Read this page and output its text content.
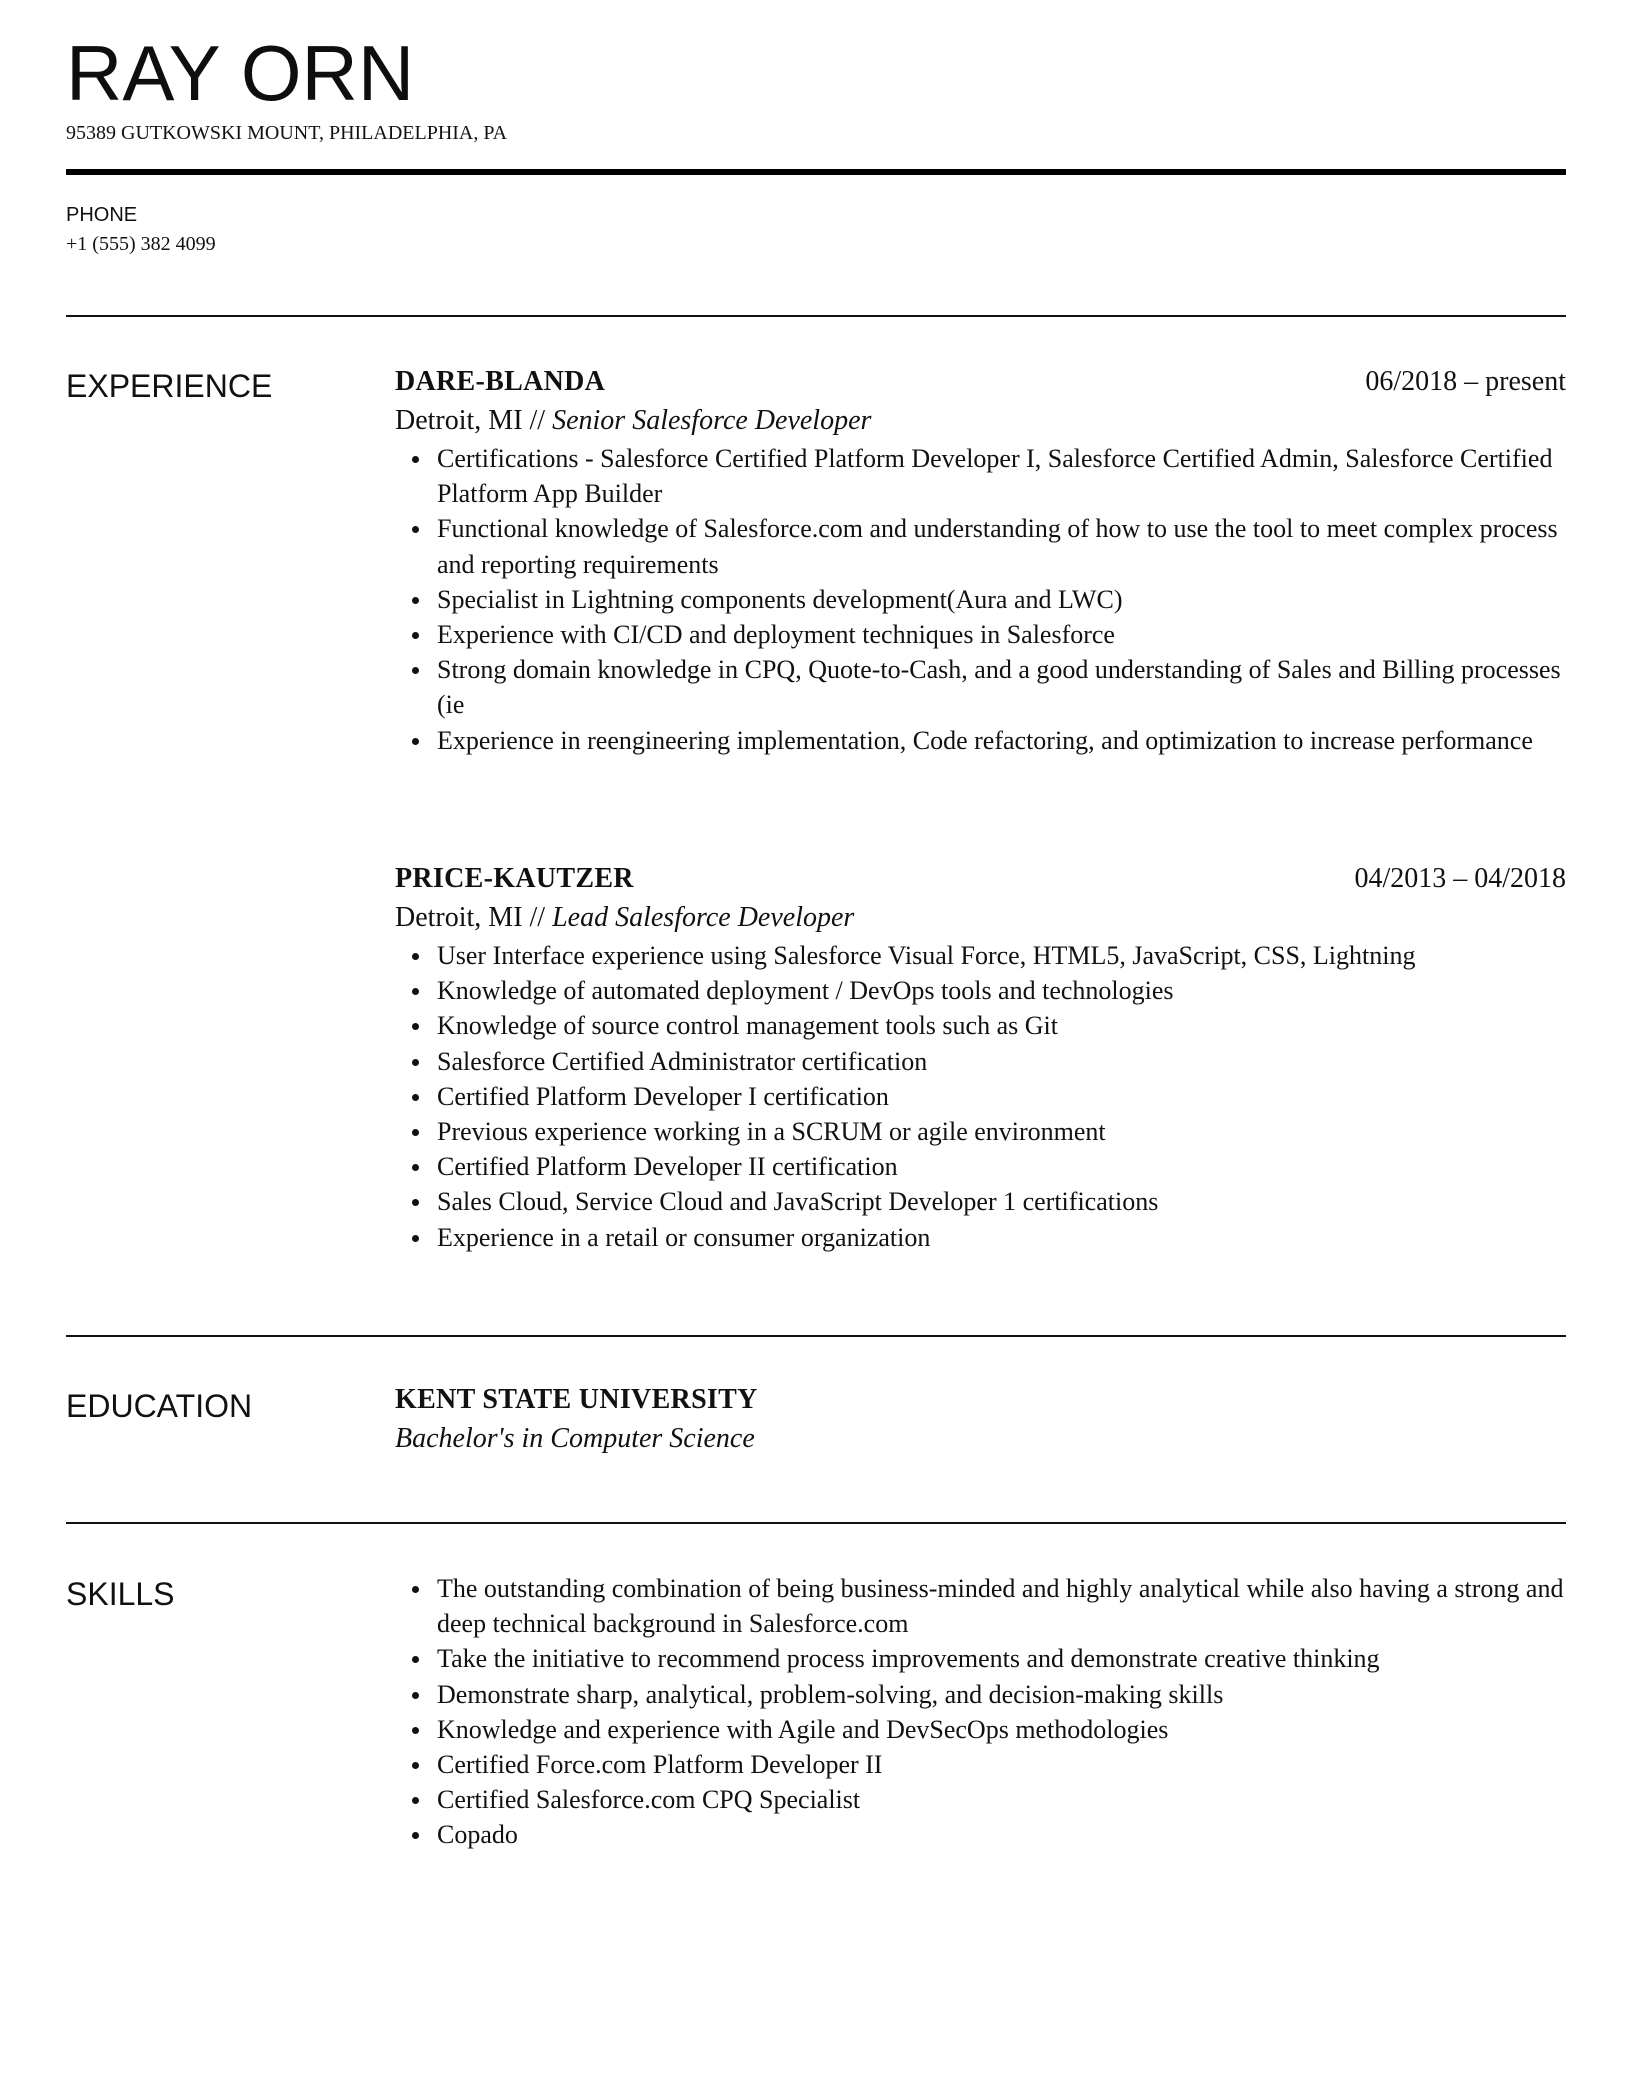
RAY ORN
95389 GUTKOWSKI MOUNT, PHILADELPHIA, PA
PHONE
+1 (555) 382 4099
EXPERIENCE	DARE-BLANDA	06/2018 – present
Detroit, MI // Senior Salesforce Developer
Certifications - Salesforce Certified Platform Developer I, Salesforce Certified Admin, Salesforce Certified Platform App Builder
Functional knowledge of Salesforce.com and understanding of how to use the tool to meet complex process and reporting requirements
Specialist in Lightning components development(Aura and LWC)
Experience with CI/CD and deployment techniques in Salesforce
Strong domain knowledge in CPQ, Quote-to-Cash, and a good understanding of Sales and Billing processes (ie
Experience in reengineering implementation, Code refactoring, and optimization to increase performance
PRICE-KAUTZER	04/2013 – 04/2018
Detroit, MI // Lead Salesforce Developer
User Interface experience using Salesforce Visual Force, HTML5, JavaScript, CSS, Lightning
Knowledge of automated deployment / DevOps tools and technologies
Knowledge of source control management tools such as Git
Salesforce Certified Administrator certification
Certified Platform Developer I certification
Previous experience working in a SCRUM or agile environment
Certified Platform Developer II certification
Sales Cloud, Service Cloud and JavaScript Developer 1 certifications
Experience in a retail or consumer organization
EDUCATION	KENT STATE UNIVERSITY
Bachelor's in Computer Science
SKILLS	The outstanding combination of being business-minded and highly analytical while also having a strong and deep technical background in Salesforce.com
Take the initiative to recommend process improvements and demonstrate creative thinking
Demonstrate sharp, analytical, problem-solving, and decision-making skills
Knowledge and experience with Agile and DevSecOps methodologies
Certified Force.com Platform Developer II
Certified Salesforce.com CPQ Specialist
Copado
